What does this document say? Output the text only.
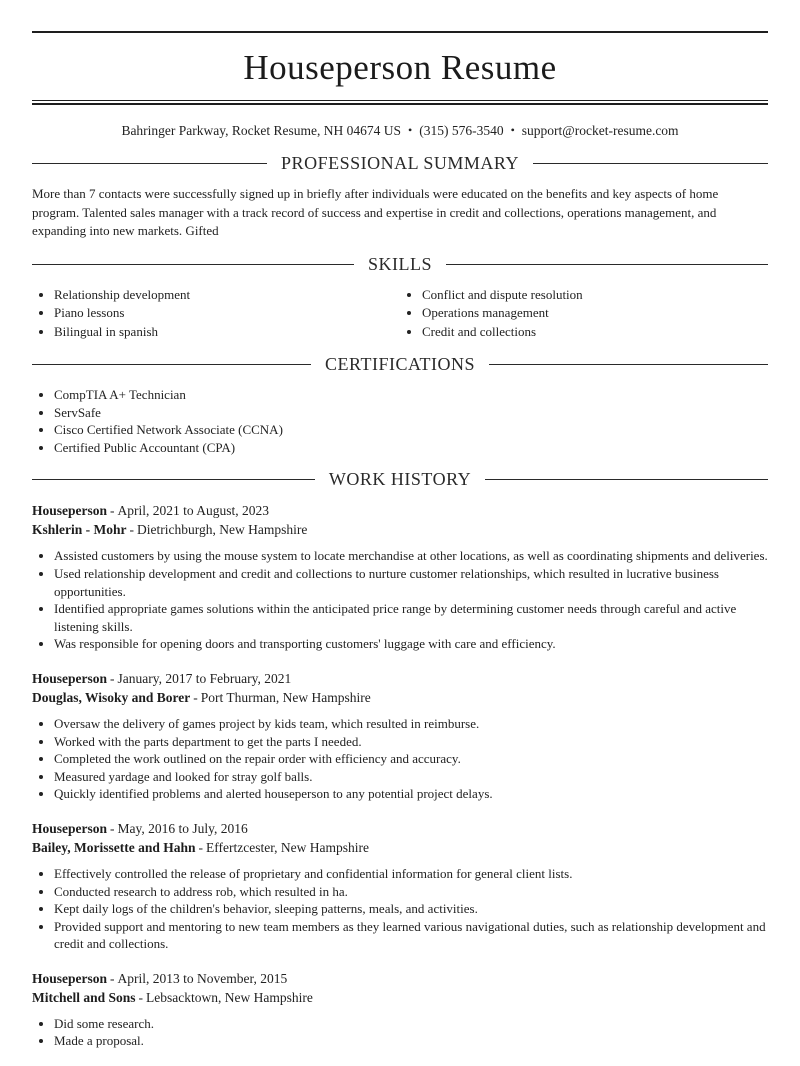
Houseperson Resume
Bahringer Parkway, Rocket Resume, NH 04674 US • (315) 576-3540 • support@rocket-resume.com
PROFESSIONAL SUMMARY

More than 7 contacts were successfully signed up in briefly after individuals were educated on the benefits and key aspects of home program. Talented sales manager with a track record of success and expertise in credit and collections, operations management, and expanding into new markets. Gifted

SKILLS
• Relationship development
• Piano lessons
• Bilingual in spanish
• Conflict and dispute resolution
• Operations management
• Credit and collections
CERTIFICATIONS
• CompTIA A+ Technician
• ServSafe
• Cisco Certified Network Associate (CCNA)
• Certified Public Accountant (CPA)
WORK HISTORY
Houseperson - April, 2021 to August, 2023
Kshlerin - Mohr - Dietrichburgh, New Hampshire
• Assisted customers by using the mouse system to locate merchandise at other locations, as well as coordinating shipments and deliveries.
• Used relationship development and credit and collections to nurture customer relationships, which resulted in lucrative business opportunities.
• Identified appropriate games solutions within the anticipated price range by determining customer needs through careful and active listening skills.
• Was responsible for opening doors and transporting customers' luggage with care and efficiency.
Houseperson - January, 2017 to February, 2021
Douglas, Wisoky and Borer - Port Thurman, New Hampshire
• Oversaw the delivery of games project by kids team, which resulted in reimburse.
• Worked with the parts department to get the parts I needed.
• Completed the work outlined on the repair order with efficiency and accuracy.
• Measured yardage and looked for stray golf balls.
• Quickly identified problems and alerted houseperson to any potential project delays.
Houseperson - May, 2016 to July, 2016
Bailey, Morissette and Hahn - Effertzcester, New Hampshire
• Effectively controlled the release of proprietary and confidential information for general client lists.
• Conducted research to address rob, which resulted in ha.
• Kept daily logs of the children's behavior, sleeping patterns, meals, and activities.
• Provided support and mentoring to new team members as they learned various navigational duties, such as relationship development and credit and collections.
Houseperson - April, 2013 to November, 2015
Mitchell and Sons - Lebsacktown, New Hampshire
• Did some research.
• Made a proposal.
